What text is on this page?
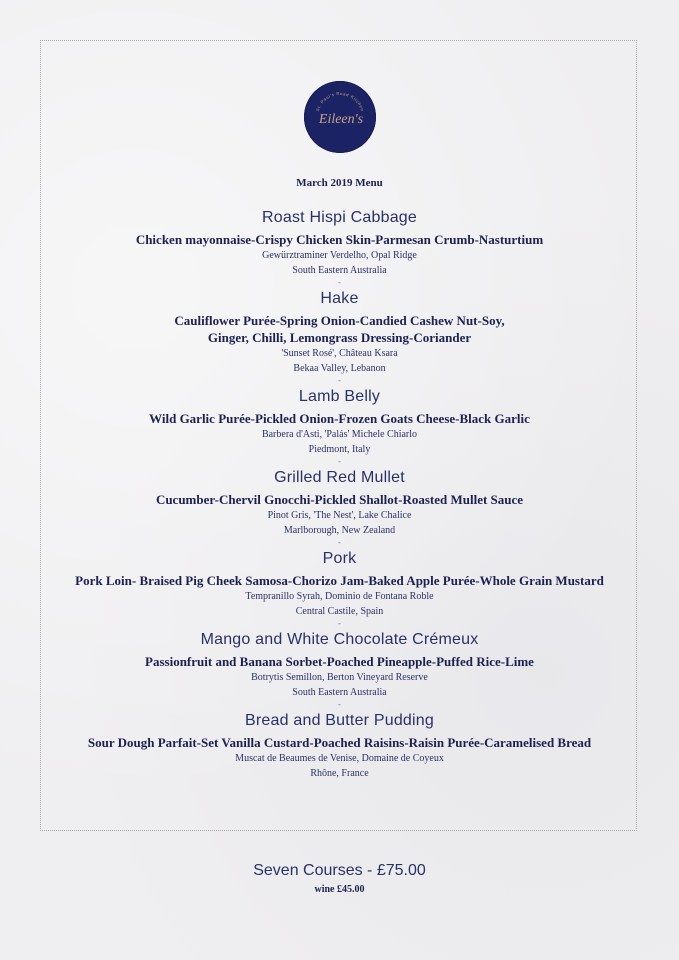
St. Paul's Road Kitchen
Eileen's
March 2019 Menu
Roast Hispi Cabbage
Chicken mayonnaise-Crispy Chicken Skin-Parmesan Crumb-Nasturtium
Gewürztraminer Verdelho, Opal Ridge
South Eastern Australia
-
Hake
Cauliflower Purée-Spring Onion-Candied Cashew Nut-Soy,
Ginger, Chilli, Lemongrass Dressing-Coriander
'Sunset Rosé', Château Ksara
Bekaa Valley, Lebanon
-
Lamb Belly
Wild Garlic Purée-Pickled Onion-Frozen Goats Cheese-Black Garlic
Barbera d'Asti, 'Palás' Michele Chiarlo
Piedmont, Italy
-
Grilled Red Mullet
Cucumber-Chervil Gnocchi-Pickled Shallot-Roasted Mullet Sauce
Pinot Gris, 'The Nest', Lake Chalice
Marlborough, New Zealand
-
Pork
Pork Loin- Braised Pig Cheek Samosa-Chorizo Jam-Baked Apple Purée-Whole Grain Mustard
Tempranillo Syrah, Dominio de Fontana Roble
Central Castile, Spain
-
Mango and White Chocolate Crémeux
Passionfruit and Banana Sorbet-Poached Pineapple-Puffed Rice-Lime
Botrytis Semillon, Berton Vineyard Reserve
South Eastern Australia
-
Bread and Butter Pudding
Sour Dough Parfait-Set Vanilla Custard-Poached Raisins-Raisin Purée-Caramelised Bread
Muscat de Beaumes de Venise, Domaine de Coyeux
Rhône, France
Seven Courses - £75.00
wine £45.00
